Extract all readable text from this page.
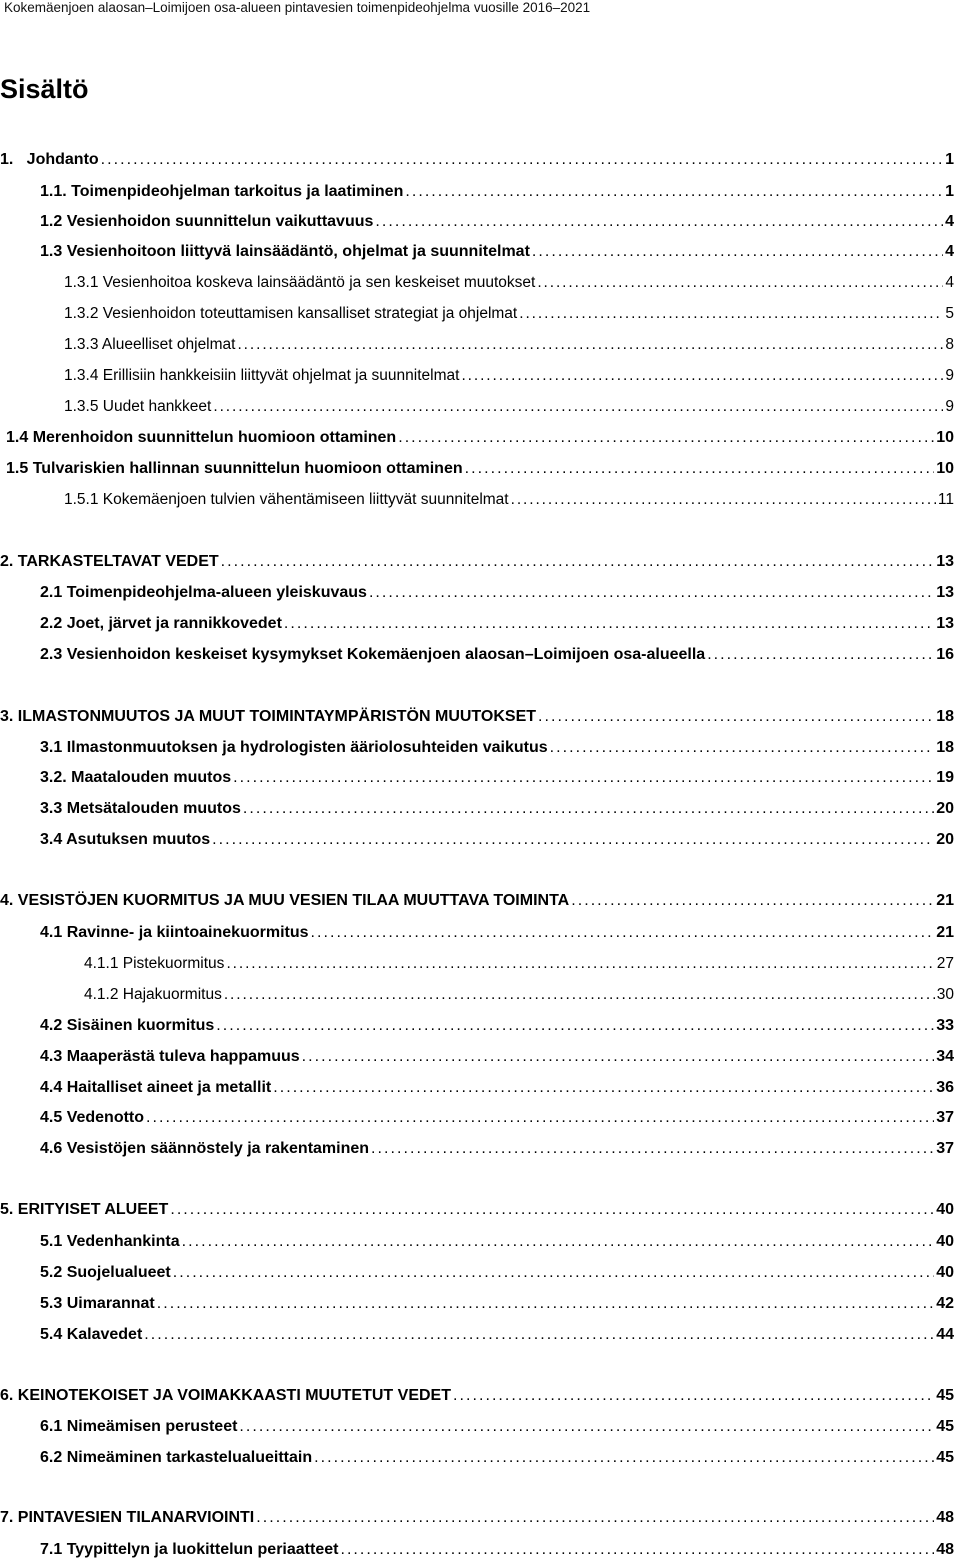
Kokemäenjoen alaosan–Loimijoen osa-alueen pintavesien toimenpideohjelma vuosille 2016–2021
Sisältö
1.   Johdanto . . .	1
1.1. Toimenpideohjelman tarkoitus ja laatiminen . . .	1
1.2 Vesienhoidon suunnittelun vaikuttavuus . . .	4
1.3 Vesienhoitoon liittyvä lainsäädäntö, ohjelmat ja suunnitelmat . . .	4
1.3.1 Vesienhoitoa koskeva lainsäädäntö ja sen keskeiset muutokset . . .	4
1.3.2 Vesienhoidon toteuttamisen kansalliset strategiat ja ohjelmat . . .	5
1.3.3 Alueelliset ohjelmat . . .	8
1.3.4 Erillisiin hankkeisiin liittyvät ohjelmat ja suunnitelmat . . .	9
1.3.5 Uudet hankkeet . . .	9
1.4 Merenhoidon suunnittelun huomioon ottaminen . . .	10
1.5 Tulvariskien hallinnan suunnittelun huomioon ottaminen . . .	10
1.5.1 Kokemäenjoen tulvien vähentämiseen liittyvät suunnitelmat . . .	11
2. TARKASTELTAVAT VEDET . . .	13
2.1 Toimenpideohjelma-alueen yleiskuvaus . . .	13
2.2 Joet, järvet ja rannikkovedet . . .	13
2.3 Vesienhoidon keskeiset kysymykset Kokemäenjoen alaosan–Loimijoen osa-alueella . . .	16
3. ILMASTONMUUTOS JA MUUT TOIMINTAYMPÄRISTÖN MUUTOKSET . . .	18
3.1 Ilmastonmuutoksen ja hydrologisten ääriolosuhteiden vaikutus . . .	18
3.2. Maatalouden muutos . . .	19
3.3 Metsätalouden muutos . . .	20
3.4 Asutuksen muutos . . .	20
4. VESISTÖJEN KUORMITUS JA MUU VESIEN TILAA MUUTTAVA TOIMINTA . . .	21
4.1 Ravinne- ja kiintoainekuormitus . . .	21
4.1.1 Pistekuormitus . . .	27
4.1.2 Hajakuormitus . . .	30
4.2 Sisäinen kuormitus . . .	33
4.3 Maaperästä tuleva happamuus . . .	34
4.4 Haitalliset aineet ja metallit . . .	36
4.5 Vedenotto . . .	37
4.6 Vesistöjen säännöstely ja rakentaminen . . .	37
5. ERITYISET ALUEET . . .	40
5.1 Vedenhankinta . . .	40
5.2 Suojelualueet . . .	40
5.3 Uimarannat . . .	42
5.4 Kalavedet . . .	44
6. KEINOTEKOISET JA VOIMAKKAASTI MUUTETUT VEDET . . .	45
6.1 Nimeämisen perusteet . . .	45
6.2 Nimeäminen tarkastelualueittain . . .	45
7. PINTAVESIEN TILANARVIOINTI . . .	48
7.1 Tyypittelyn ja luokittelun periaatteet . . .	48
